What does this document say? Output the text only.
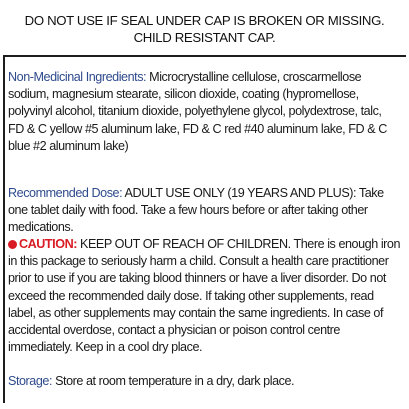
DO NOT USE IF SEAL UNDER CAP IS BROKEN OR MISSING.
CHILD RESISTANT CAP.
Non-Medicinal Ingredients: Microcrystalline cellulose, croscarmellose sodium, magnesium stearate, silicon dioxide, coating (hypromellose, polyvinyl alcohol, titanium dioxide, polyethylene glycol, polydextrose, talc, FD & C yellow #5 aluminum lake, FD & C red #40 aluminum lake, FD & C blue #2 aluminum lake)
Recommended Dose: ADULT USE ONLY (19 YEARS AND PLUS): Take one tablet daily with food. Take a few hours before or after taking other medications.
CAUTION: KEEP OUT OF REACH OF CHILDREN. There is enough iron in this package to seriously harm a child. Consult a health care practitioner prior to use if you are taking blood thinners or have a liver disorder. Do not exceed the recommended daily dose. If taking other supplements, read label, as other supplements may contain the same ingredients. In case of accidental overdose, contact a physician or poison control centre immediately. Keep in a cool dry place.
Storage: Store at room temperature in a dry, dark place.
